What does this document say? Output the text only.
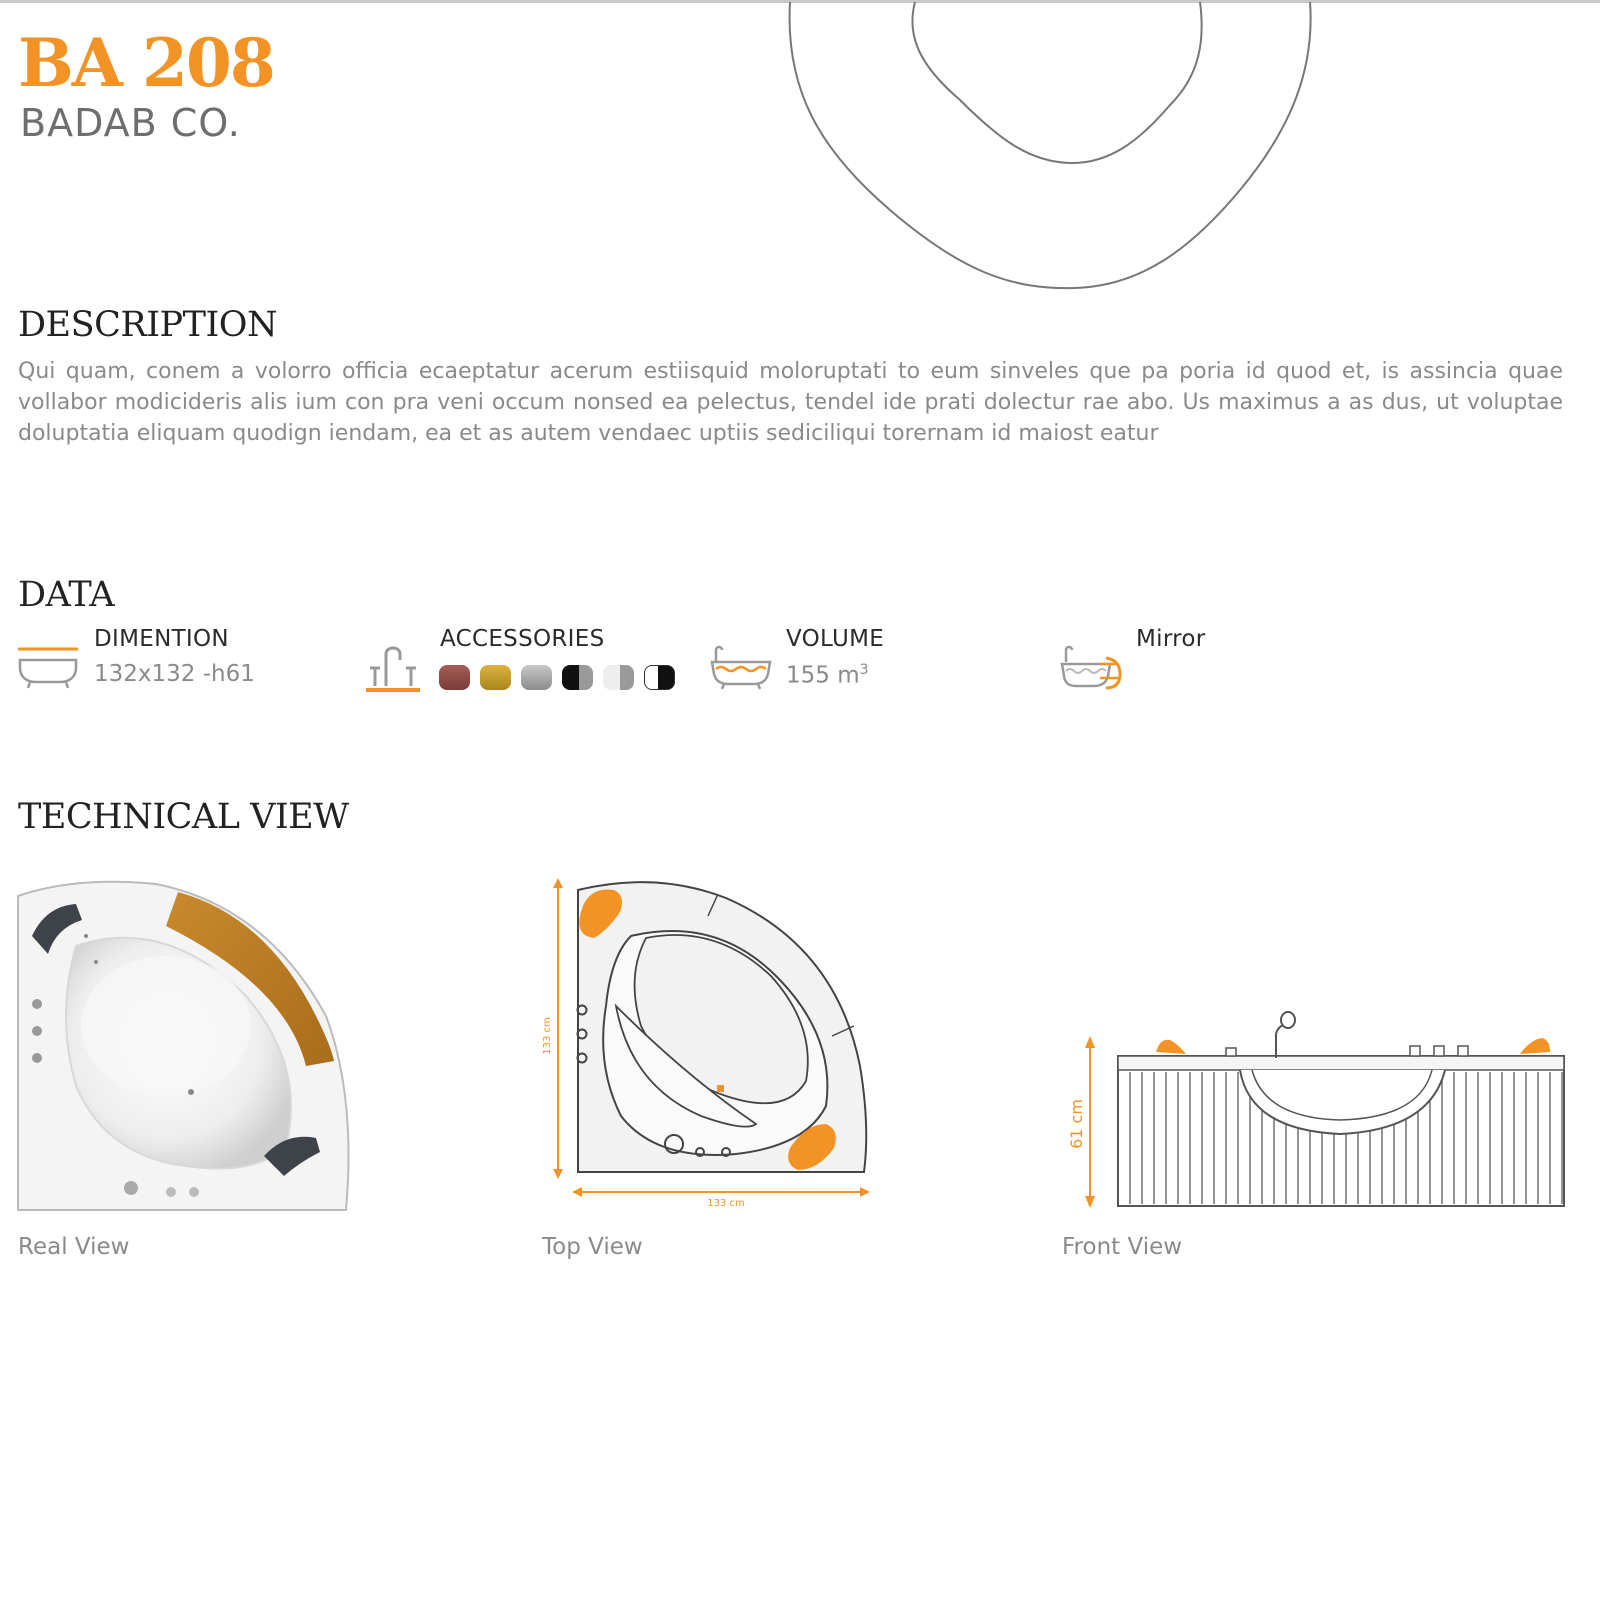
BA 208
BADAB CO.
DESCRIPTION
Qui quam, conem a volorro officia ecaeptatur acerum estiisquid moloruptati to eum sinveles que pa poria id quod et, is assincia quae vollabor modicideris alis ium con pra veni occum nonsed ea pelectus, tendel ide prati dolectur rae abo. Us maximus a as dus, ut voluptae doluptatia eliquam quodign iendam, ea et as autem vendaec uptiis sediciliqui torernam id maiost eatur
DATA
DIMENTION
132x132 -h61
ACCESSORIES	VOLUME
155 $m^3$
Mirror
TECHNICAL VIEW
Real View
133 cm
133 cm
Top View
61 cm
Front View
